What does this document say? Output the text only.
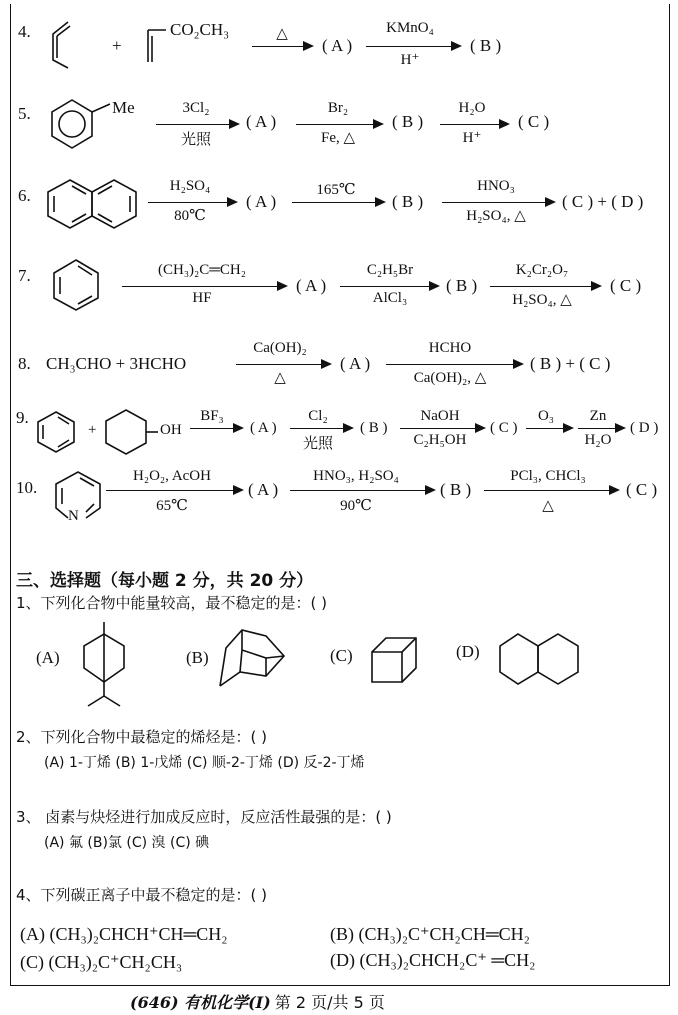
4.
+
CO₂CH₃	△
( A )
KMnO₄
H⁺
( B )
5.	Me	3Cl₂
光照
( A )
Br₂
Fe, △
( B )
H₂O
H⁺
( C )
6.	H₂SO₄
80℃
( A )
165℃
( B )
HNO₃
H₂SO₄, △
( C ) + ( D )
7.	(CH₃)₂C═CH₂
HF
( A )
C₂H₅Br
AlCl₃
( B )
K₂Cr₂O₇
H₂SO₄, △
( C )
8. CH₃CHO + 3HCHO
Ca(OH)₂
△
( A )
HCHO
Ca(OH)₂, △
( B ) + ( C )
9.
+	OH →
BF₃
( A ) →
Cl₂
光照
( B )
NaOH
C₂H₅OH
( C ) →
O₃ Zn
H₂O
( D )
10.
N
H₂O₂, AcOH
65℃
( A )
HNO₃, H₂SO₄
90℃
( B )
PCl₃, CHCl₃
△
( C )
三、选择题（每小题 2 分，共 20 分）
1、下列化合物中能量较高，最不稳定的是：( )
(A)	(B)	(C)	(D)
2、下列化合物中最稳定的烯烃是：( )
(A) 1-丁烯 (B) 1-戊烯 (C) 顺-2-丁烯 (D) 反-2-丁烯
3、 卤素与炔烃进行加成反应时，反应活性最强的是：( )
(A) 氟 (B)氯 (C) 溴 (C) 碘
4、下列碳正离子中最不稳定的是：( )
(A) (CH₃)₂CHCH⁺CH═CH₂	(B) (CH₃)₂C⁺CH₂CH═CH₂
(C) (CH₃)₂C⁺CH₂CH₃	(D) (CH₃)₂CHCH₂C⁺ ═CH₂
(646) 有机化学(Ⅰ) 第 2 页/共 5 页
